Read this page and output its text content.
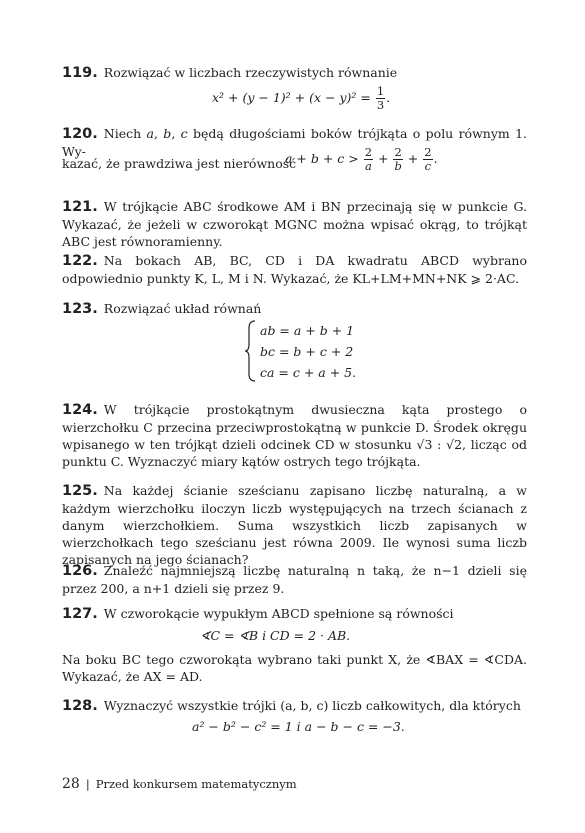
119. Rozwiązać w liczbach rzeczywistych równanie
$x^2 + (y - 1)^2 + (x - y)^2 = \frac{1}{3}$ .
120. Niech a, b, c będą długościami boków trójkąta o polu równym 1. Wy-
kazać, że prawdziwa jest nierówność
$a + b + c > \frac{2}{a} + \frac{2}{b} + \frac{2}{c}$ .
121. W trójkącie ABC środkowe AM i BN przecinają się w punkcie G. Wykazać, że jeżeli w czworokąt MGNC można wpisać okrąg, to trójkąt ABC jest równoramienny.
122. Na bokach AB, BC, CD i DA kwadratu ABCD wybrano odpowiednio punkty K, L, M i N. Wykazać, że KL+LM+MN+NK ⩾ 2·AC.
123. Rozwiązać układ równań
ab = a + b + 1
bc = b + c + 2
ca = c + a + 5.
124. W trójkącie prostokątnym dwusieczna kąta prostego o wierzchołku C przecina przeciwprostokątną w punkcie D. Środek okręgu wpisanego w ten trójkąt dzieli odcinek CD w stosunku √3 : √2, licząc od punktu C. Wyznaczyć miary kątów ostrych tego trójkąta.
125. Na każdej ścianie sześcianu zapisano liczbę naturalną, a w każdym wierzchołku iloczyn liczb występujących na trzech ścianach z danym wierzchołkiem. Suma wszystkich liczb zapisanych w wierzchołkach tego sześcianu jest równa 2009. Ile wynosi suma liczb zapisanych na jego ścianach?
126. Znaleźć najmniejszą liczbę naturalną n taką, że n−1 dzieli się przez 200, a n+1 dzieli się przez 9.
127. W czworokącie wypukłym ABCD spełnione są równości
∢C = ∢B i CD = 2 · AB.
Na boku BC tego czworokąta wybrano taki punkt X, że ∢BAX = ∢CDA. Wykazać, że AX = AD.
128. Wyznaczyć wszystkie trójki (a, b, c) liczb całkowitych, dla których
a² − b² − c² = 1 i a − b − c = −3.
28 | Przed konkursem matematycznym
